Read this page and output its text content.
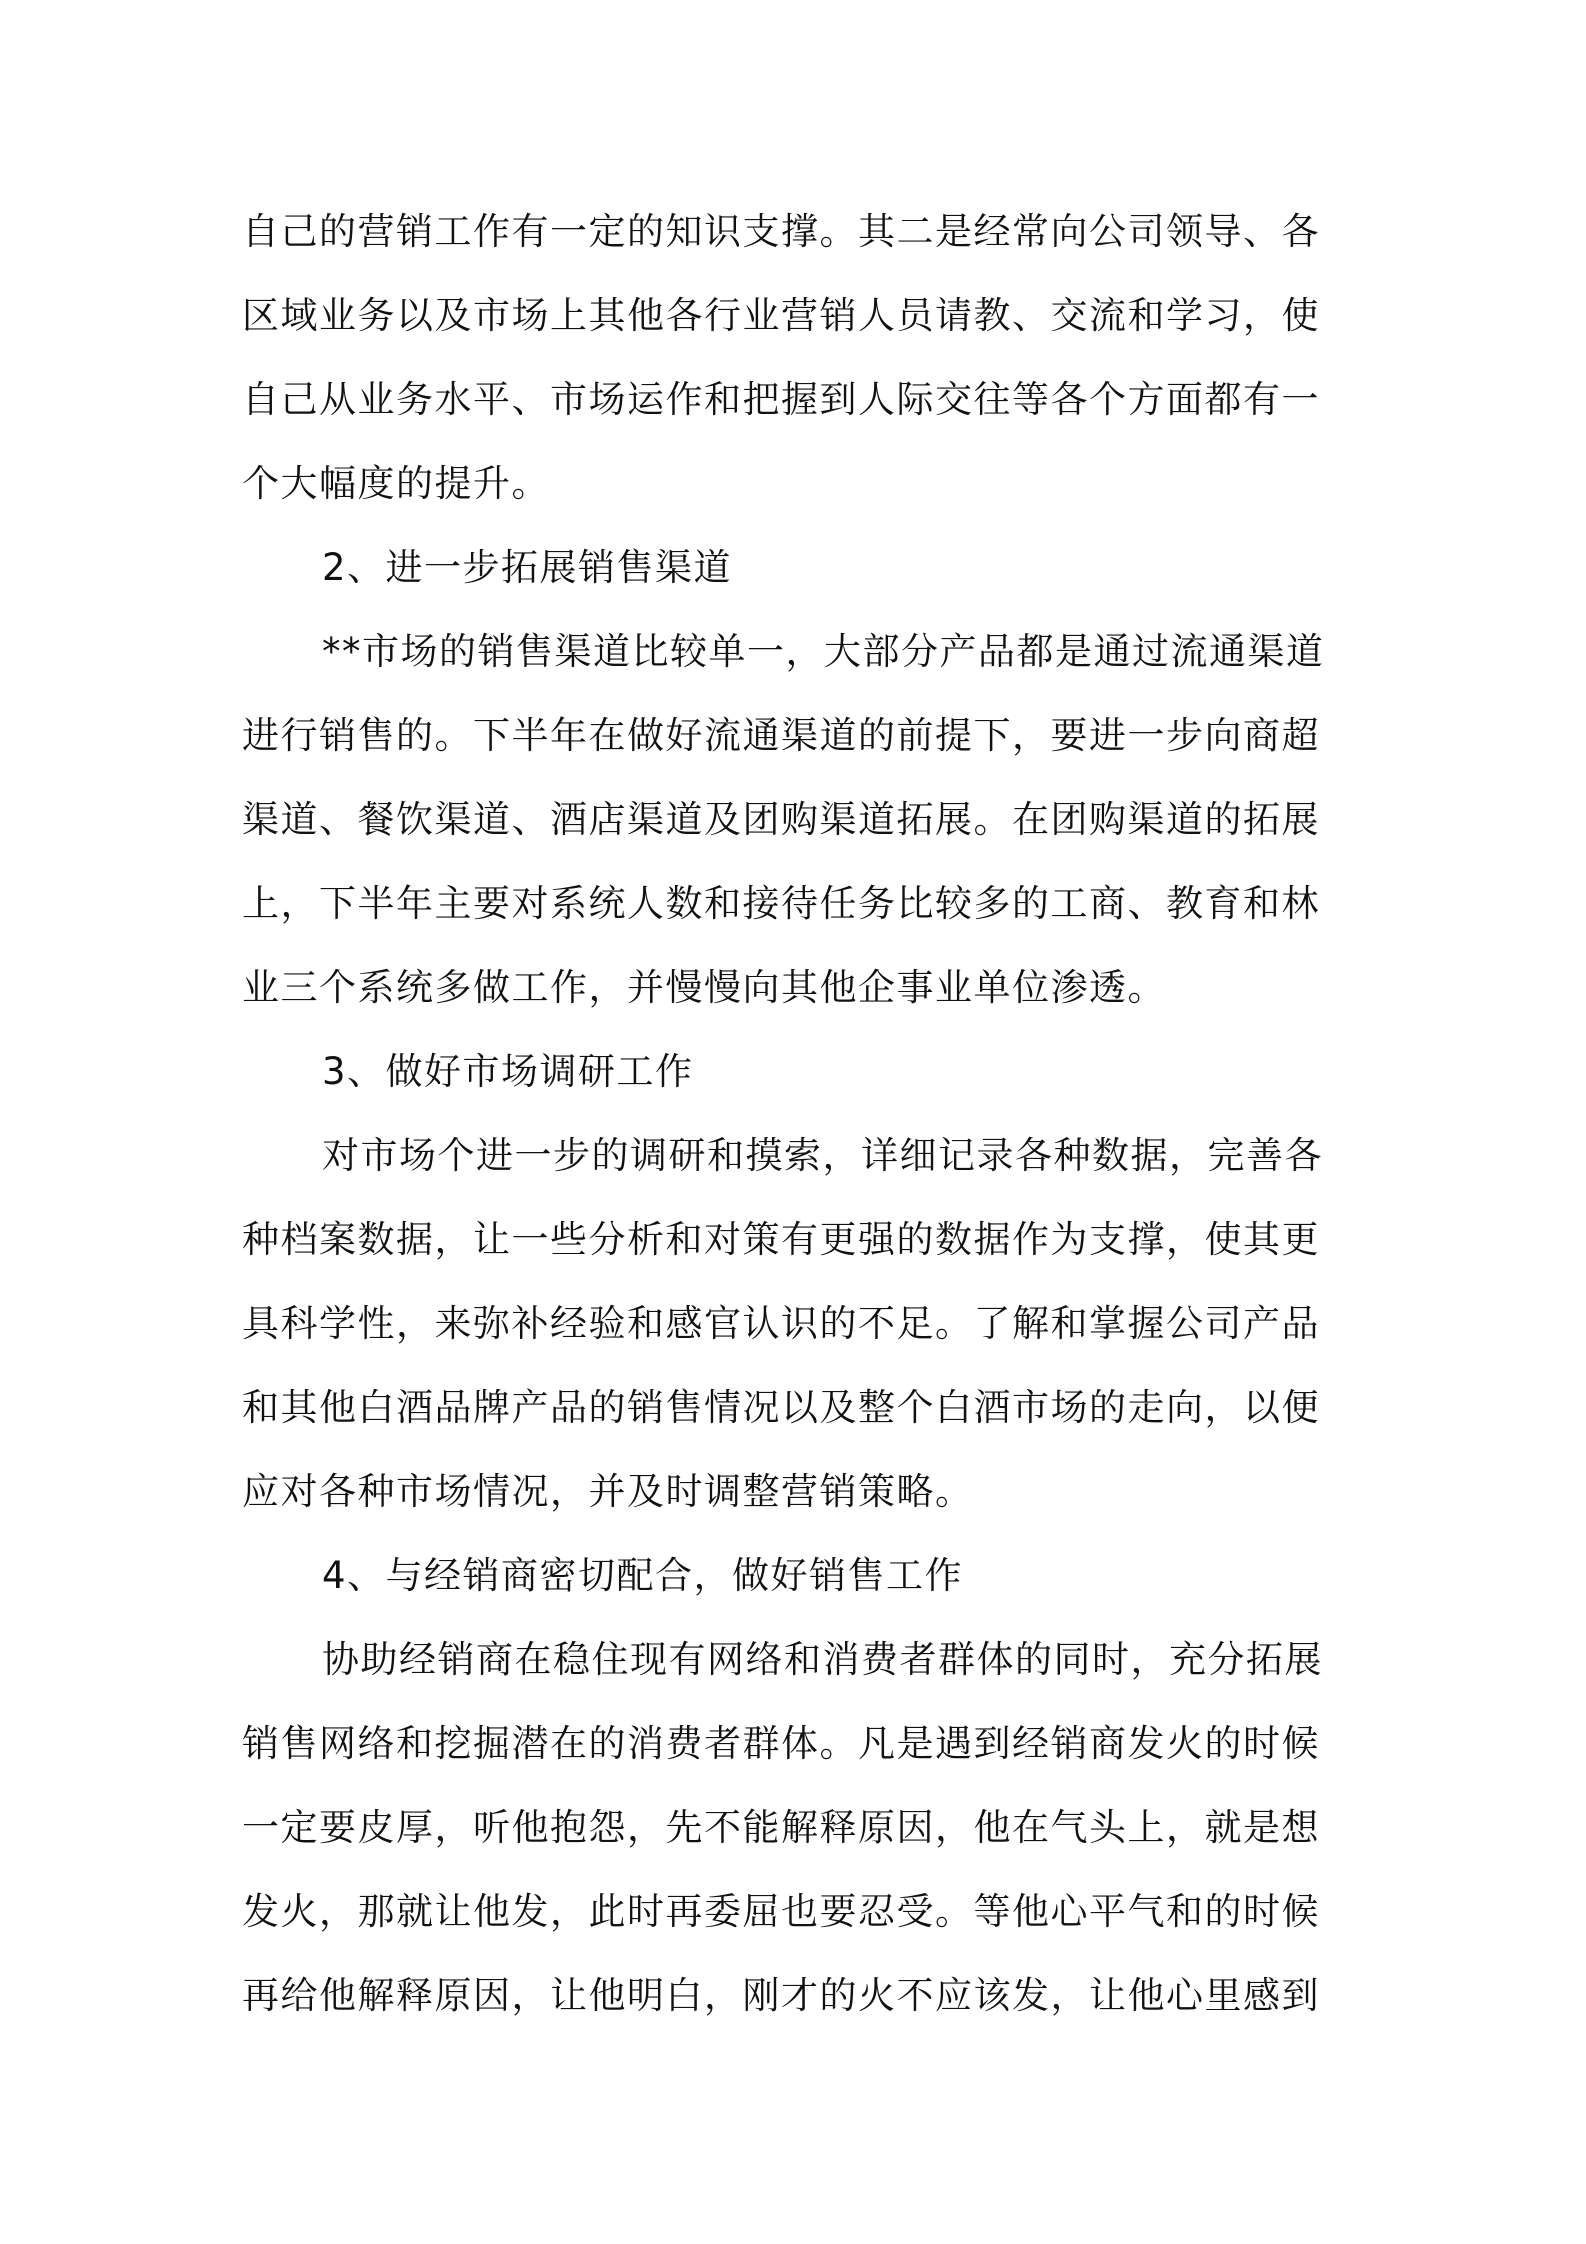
自己的营销工作有一定的知识支撑。其二是经常向公司领导、各
区域业务以及市场上其他各行业营销人员请教、交流和学习，使
自己从业务水平、市场运作和把握到人际交往等各个方面都有一
个大幅度的提升。
2、进一步拓展销售渠道
**市场的销售渠道比较单一，大部分产品都是通过流通渠道
进行销售的。下半年在做好流通渠道的前提下，要进一步向商超
渠道、餐饮渠道、酒店渠道及团购渠道拓展。在团购渠道的拓展
上，下半年主要对系统人数和接待任务比较多的工商、教育和林
业三个系统多做工作，并慢慢向其他企事业单位渗透。
3、做好市场调研工作
对市场个进一步的调研和摸索，详细记录各种数据，完善各
种档案数据，让一些分析和对策有更强的数据作为支撑，使其更
具科学性，来弥补经验和感官认识的不足。了解和掌握公司产品
和其他白酒品牌产品的销售情况以及整个白酒市场的走向，以便
应对各种市场情况，并及时调整营销策略。
4、与经销商密切配合，做好销售工作
协助经销商在稳住现有网络和消费者群体的同时，充分拓展
销售网络和挖掘潜在的消费者群体。凡是遇到经销商发火的时候
一定要皮厚，听他抱怨，先不能解释原因，他在气头上，就是想
发火，那就让他发，此时再委屈也要忍受。等他心平气和的时候
再给他解释原因，让他明白，刚才的火不应该发，让他心里感到
